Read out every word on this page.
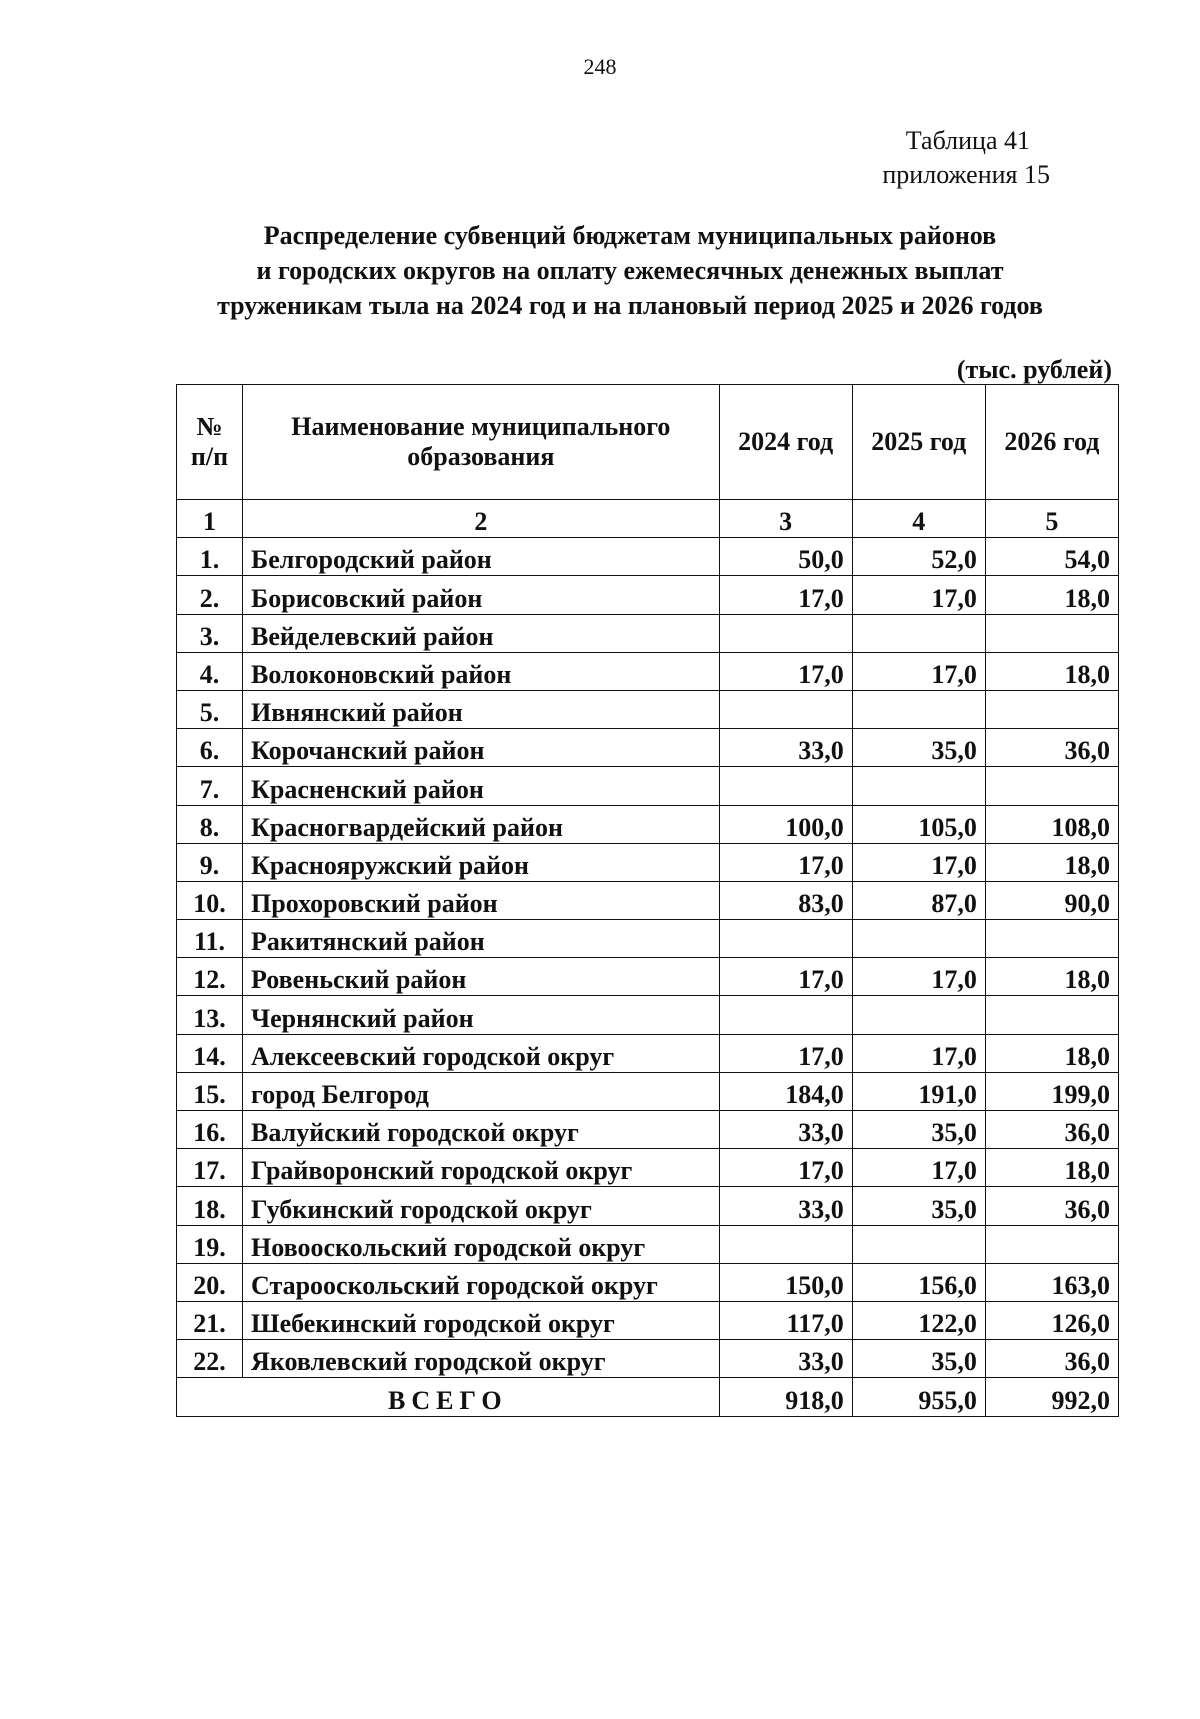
248
Таблица 41
приложения 15
Распределение субвенций бюджетам муниципальных районов
и городских округов на оплату ежемесячных денежных выплат
труженикам тыла на 2024 год и на плановый период 2025 и 2026 годов
(тыс. рублей)
№ п/п	Наименование муниципального образования	2024 год	2025 год	2026 год
1	2	3	4	5
1.	Белгородский район	50,0	52,0	54,0
2.	Борисовский район	17,0	17,0	18,0
3.	Вейделевский район			
4.	Волоконовский район	17,0	17,0	18,0
5.	Ивнянский район			
6.	Корочанский район	33,0	35,0	36,0
7.	Красненский район			
8.	Красногвардейский район	100,0	105,0	108,0
9.	Краснояружский район	17,0	17,0	18,0
10.	Прохоровский район	83,0	87,0	90,0
11.	Ракитянский район			
12.	Ровеньский район	17,0	17,0	18,0
13.	Чернянский район			
14.	Алексеевский городской округ	17,0	17,0	18,0
15.	город Белгород	184,0	191,0	199,0
16.	Валуйский городской округ	33,0	35,0	36,0
17.	Грайворонский городской округ	17,0	17,0	18,0
18.	Губкинский городской округ	33,0	35,0	36,0
19.	Новооскольский городской округ			
20.	Старооскольский городской округ	150,0	156,0	163,0
21.	Шебекинский городской округ	117,0	122,0	126,0
22.	Яковлевский городской округ	33,0	35,0	36,0
ВСЕГО		918,0	955,0	992,0
